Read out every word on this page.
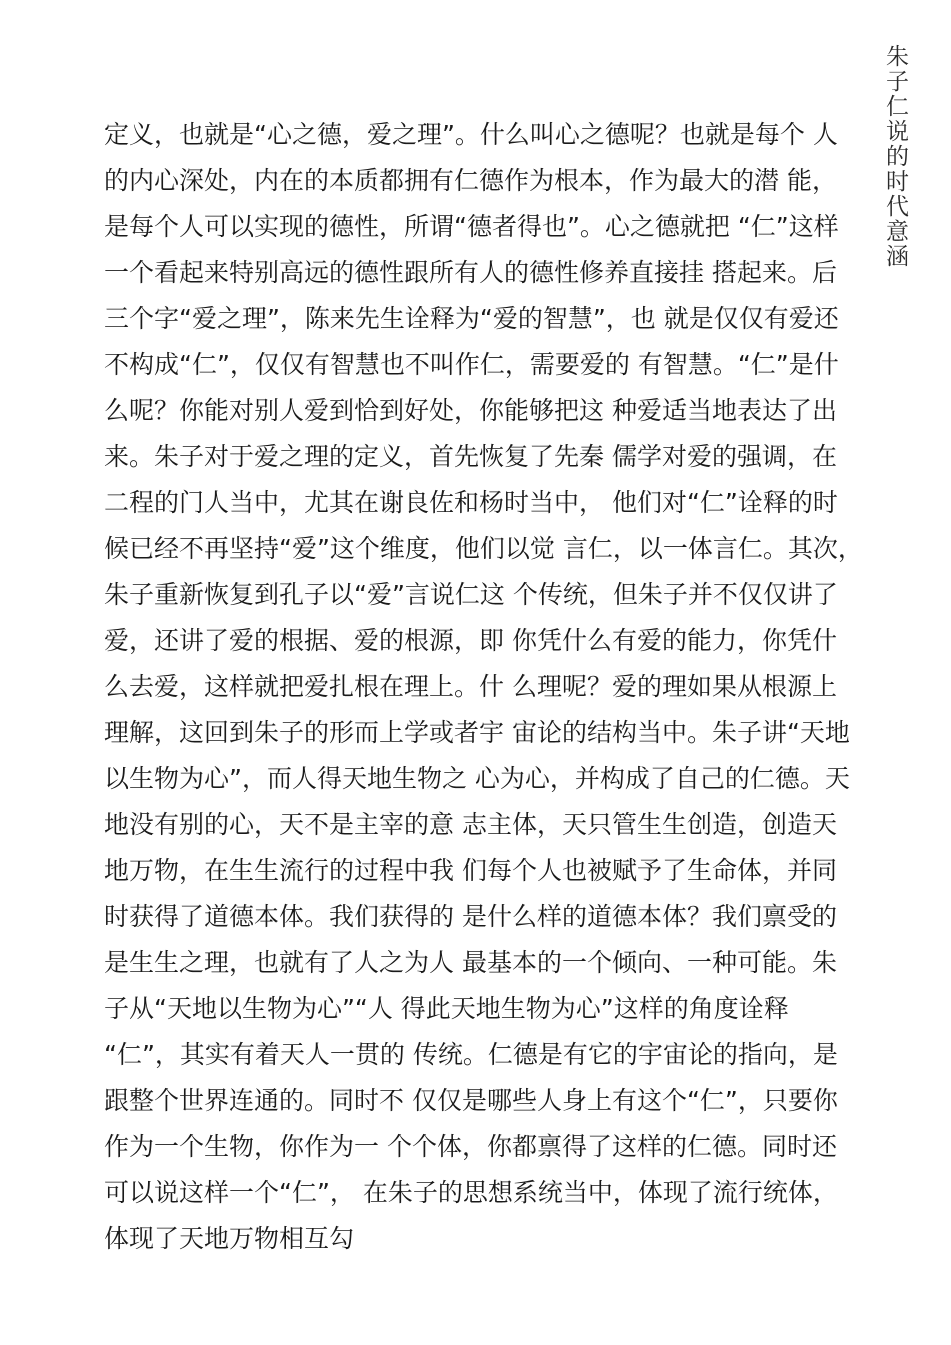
朱子仁说的时代意涵
定义，也就是“心之德，爱之理”。什么叫心之德呢？也就是每个 人
的内心深处，内在的本质都拥有仁德作为根本，作为最大的潜 能，
是每个人可以实现的德性，所谓“德者得也”。心之德就把 “仁”这样
一个看起来特别高远的德性跟所有人的德性修养直接挂 搭起来。后
三个字“爱之理”，陈来先生诠释为“爱的智慧”，也 就是仅仅有爱还
不构成“仁”，仅仅有智慧也不叫作仁，需要爱的 有智慧。“仁”是什
么呢？你能对别人爱到恰到好处，你能够把这 种爱适当地表达了出
来。朱子对于爱之理的定义，首先恢复了先秦 儒学对爱的强调，在
二程的门人当中，尤其在谢良佐和杨时当中， 他们对“仁”诠释的时
候已经不再坚持“爱”这个维度，他们以觉 言仁，以一体言仁。其次，
朱子重新恢复到孔子以“爱”言说仁这 个传统，但朱子并不仅仅讲了
爱，还讲了爱的根据、爱的根源，即 你凭什么有爱的能力，你凭什
么去爱，这样就把爱扎根在理上。什 么理呢？爱的理如果从根源上
理解，这回到朱子的形而上学或者宇 宙论的结构当中。朱子讲“天地
以生物为心”，而人得天地生物之 心为心，并构成了自己的仁德。天
地没有别的心，天不是主宰的意 志主体，天只管生生创造，创造天
地万物，在生生流行的过程中我 们每个人也被赋予了生命体，并同
时获得了道德本体。我们获得的 是什么样的道德本体？我们禀受的
是生生之理，也就有了人之为人 最基本的一个倾向、一种可能。朱
子从“天地以生物为心”“人 得此天地生物为心”这样的角度诠释
“仁”，其实有着天人一贯的 传统。仁德是有它的宇宙论的指向，是
跟整个世界连通的。同时不 仅仅是哪些人身上有这个“仁”，只要你
作为一个生物，你作为一 个个体，你都禀得了这样的仁德。同时还
可以说这样一个“仁”， 在朱子的思想系统当中，体现了流行统体，
体现了天地万物相互勾
